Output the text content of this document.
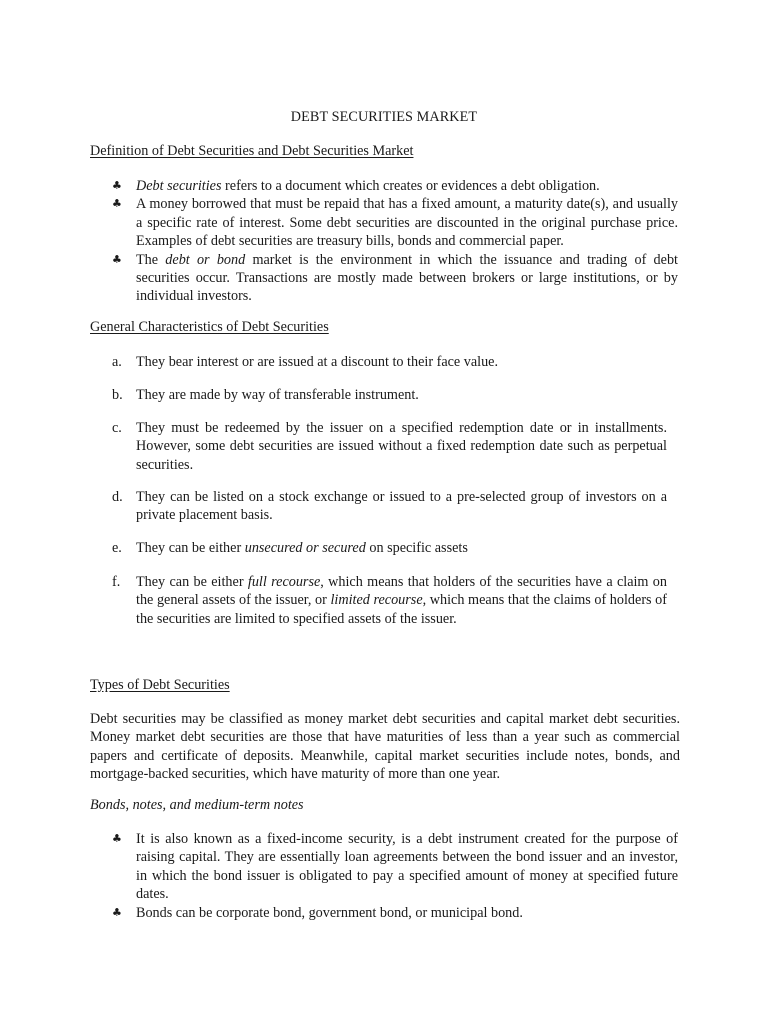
DEBT SECURITIES MARKET
Definition of Debt Securities and Debt Securities Market
♣ Debt securities refers to a document which creates or evidences a debt obligation.
♣ A money borrowed that must be repaid that has a fixed amount, a maturity date(s), and usually a specific rate of interest. Some debt securities are discounted in the original purchase price. Examples of debt securities are treasury bills, bonds and commercial paper.
♣ The debt or bond market is the environment in which the issuance and trading of debt securities occur. Transactions are mostly made between brokers or large institutions, or by individual investors.
General Characteristics of Debt Securities
a. They bear interest or are issued at a discount to their face value.
b. They are made by way of transferable instrument.
c. They must be redeemed by the issuer on a specified redemption date or in installments. However, some debt securities are issued without a fixed redemption date such as perpetual securities.
d. They can be listed on a stock exchange or issued to a pre-selected group of investors on a private placement basis.
e. They can be either unsecured or secured on specific assets
f. They can be either full recourse, which means that holders of the securities have a claim on the general assets of the issuer, or limited recourse, which means that the claims of holders of the securities are limited to specified assets of the issuer.
Types of Debt Securities

Debt securities may be classified as money market debt securities and capital market debt securities. Money market debt securities are those that have maturities of less than a year such as commercial papers and certificate of deposits. Meanwhile, capital market securities include notes, bonds, and mortgage-backed securities, which have maturity of more than one year.

Bonds, notes, and medium-term notes

♣ It is also known as a fixed-income security, is a debt instrument created for the purpose of raising capital. They are essentially loan agreements between the bond issuer and an investor, in which the bond issuer is obligated to pay a specified amount of money at specified future dates.
♣ Bonds can be corporate bond, government bond, or municipal bond.
